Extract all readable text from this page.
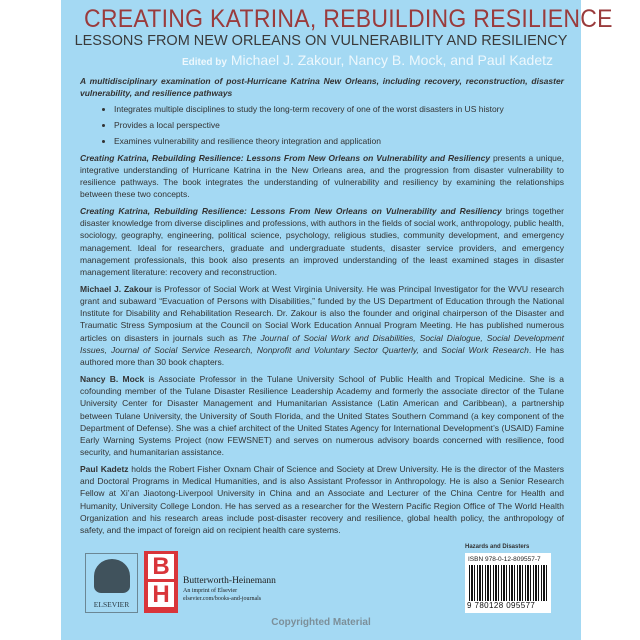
CREATING KATRINA, REBUILDING RESILIENCE
LESSONS FROM NEW ORLEANS ON VULNERABILITY AND RESILIENCY
Edited by Michael J. Zakour, Nancy B. Mock, and Paul Kadetz

A multidisciplinary examination of post-Hurricane Katrina New Orleans, including recovery, reconstruction, disaster vulnerability, and resilience pathways

• Integrates multiple disciplines to study the long-term recovery of one of the worst disasters in US history
• Provides a local perspective
• Examines vulnerability and resilience theory integration and application

Creating Katrina, Rebuilding Resilience: Lessons From New Orleans on Vulnerability and Resiliency presents a unique, integrative understanding of Hurricane Katrina in the New Orleans area, and the progression from disaster vulnerability to resilience pathways. The book integrates the understanding of vulnerability and resiliency by examining the relationships between these two concepts.

Creating Katrina, Rebuilding Resilience: Lessons From New Orleans on Vulnerability and Resiliency brings together disaster knowledge from diverse disciplines and professions, with authors in the fields of social work, anthropology, public health, sociology, geography, engineering, political science, psychology, religious studies, community development, and emergency management. Ideal for researchers, graduate and undergraduate students, disaster service providers, and emergency management professionals, this book also presents an improved understanding of the least examined stages in disaster management literature: recovery and reconstruction.

Michael J. Zakour is Professor of Social Work at West Virginia University. He was Principal Investigator for the WVU research grant and subaward “Evacuation of Persons with Disabilities,” funded by the US Department of Education through the National Institute for Disability and Rehabilitation Research. Dr. Zakour is also the founder and original chairperson of the Disaster and Traumatic Stress Symposium at the Council on Social Work Education Annual Program Meeting. He has published numerous articles on disasters in journals such as The Journal of Social Work and Disabilities, Social Dialogue, Social Development Issues, Journal of Social Service Research, Nonprofit and Voluntary Sector Quarterly, and Social Work Research. He has authored more than 30 book chapters.

Nancy B. Mock is Associate Professor in the Tulane University School of Public Health and Tropical Medicine. She is a cofounding member of the Tulane Disaster Resilience Leadership Academy and formerly the associate director of the Tulane University Center for Disaster Management and Humanitarian Assistance (Latin American and Caribbean), a partnership between Tulane University, the University of South Florida, and the United States Southern Command (a key component of the Department of Defense). She was a chief architect of the United States Agency for International Development’s (USAID) Famine Early Warning Systems Project (now FEWSNET) and serves on numerous advisory boards concerned with resilience, food security, and humanitarian assistance.

Paul Kadetz holds the Robert Fisher Oxnam Chair of Science and Society at Drew University. He is the director of the Masters and Doctoral Programs in Medical Humanities, and is also Assistant Professor in Anthropology. He is also a Senior Research Fellow at Xi’an Jiaotong-Liverpool University in China and an Associate and Lecturer of the China Centre for Health and Humanity, University College London. He has served as a researcher for the Western Pacific Region Office of The World Health Organization and his research areas include post-disaster recovery and resilience, global health policy, the anthropology of safety, and the impact of foreign aid on recipient health care systems.

ELSEVIER
B
H	Butterworth-Heinemann
An imprint of Elsevier
elsevier.com/books-and-journals
Hazards and Disasters
ISBN 978-0-12-809557-7
9 780128 095577
Copyrighted Material
